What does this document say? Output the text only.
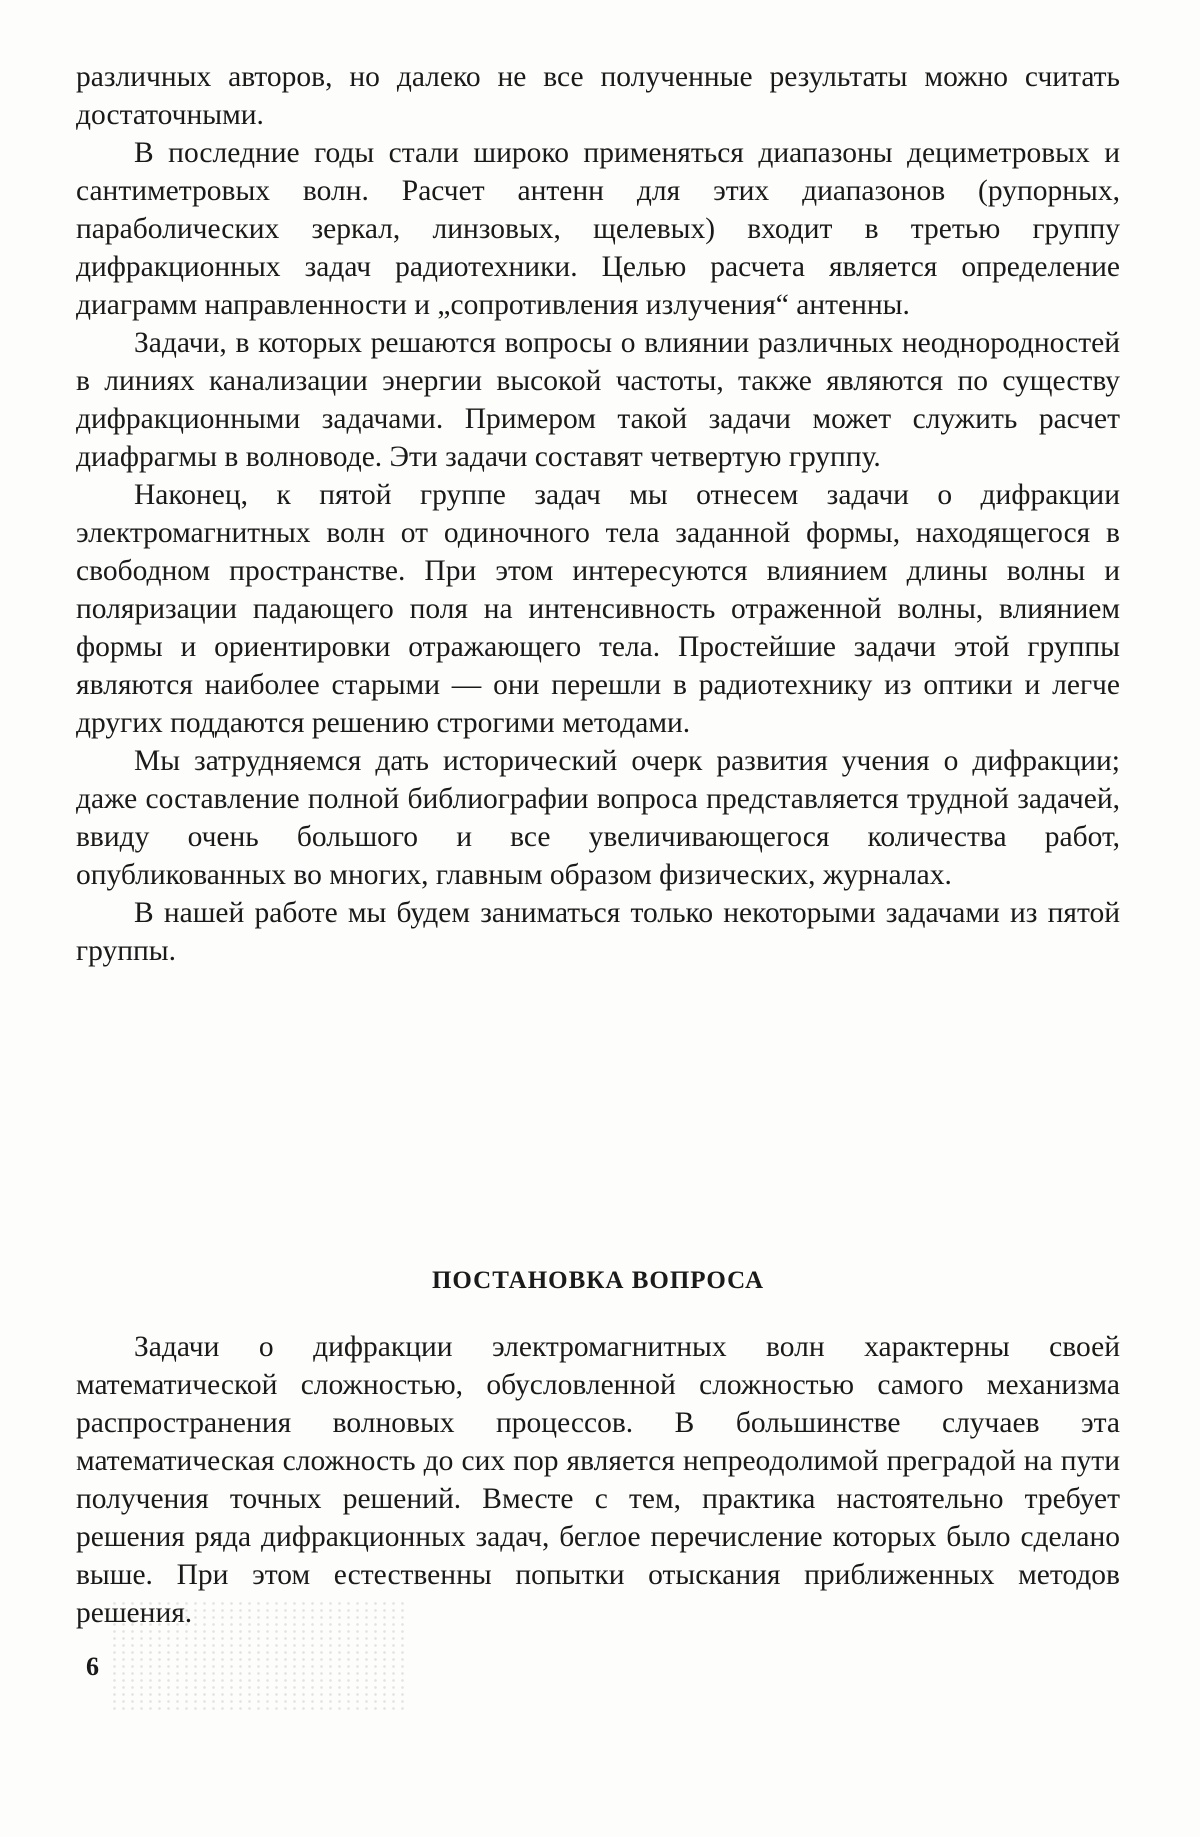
различных авторов, но далеко не все полученные результаты можно считать достаточными.

В последние годы стали широко применяться диапазоны дециметровых и сантиметровых волн. Расчет антенн для этих диапазонов (рупорных, параболических зеркал, линзовых, щелевых) входит в третью группу дифракционных задач радиотехники. Целью расчета является определение диаграмм направленности и „сопротивления излучения“ антенны.

Задачи, в которых решаются вопросы о влиянии различных неоднородностей в линиях канализации энергии высокой частоты, также являются по существу дифракционными задачами. Примером такой задачи может служить расчет диафрагмы в волноводе. Эти задачи составят четвертую группу.

Наконец, к пятой группе задач мы отнесем задачи о дифракции электромагнитных волн от одиночного тела заданной формы, находящегося в свободном пространстве. При этом интересуются влиянием длины волны и поляризации падающего поля на интенсивность отраженной волны, влиянием формы и ориентировки отражающего тела. Простейшие задачи этой группы являются наиболее старыми — они перешли в радиотехнику из оптики и легче других поддаются решению строгими методами.

Мы затрудняемся дать исторический очерк развития учения о дифракции; даже составление полной библиографии вопроса представляется трудной задачей, ввиду очень большого и все увеличивающегося количества работ, опубликованных во многих, главным образом физических, журналах.

В нашей работе мы будем заниматься только некоторыми задачами из пятой группы.

ПОСТАНОВКА ВОПРОСА

Задачи о дифракции электромагнитных волн характерны своей математической сложностью, обусловленной сложностью самого механизма распространения волновых процессов. В большинстве случаев эта математическая сложность до сих пор является непреодолимой преградой на пути получения точных решений. Вместе с тем, практика настоятельно требует решения ряда дифракционных задач, беглое перечисление которых было сделано выше. При этом естественны попытки отыскания приближенных методов решения.

6
